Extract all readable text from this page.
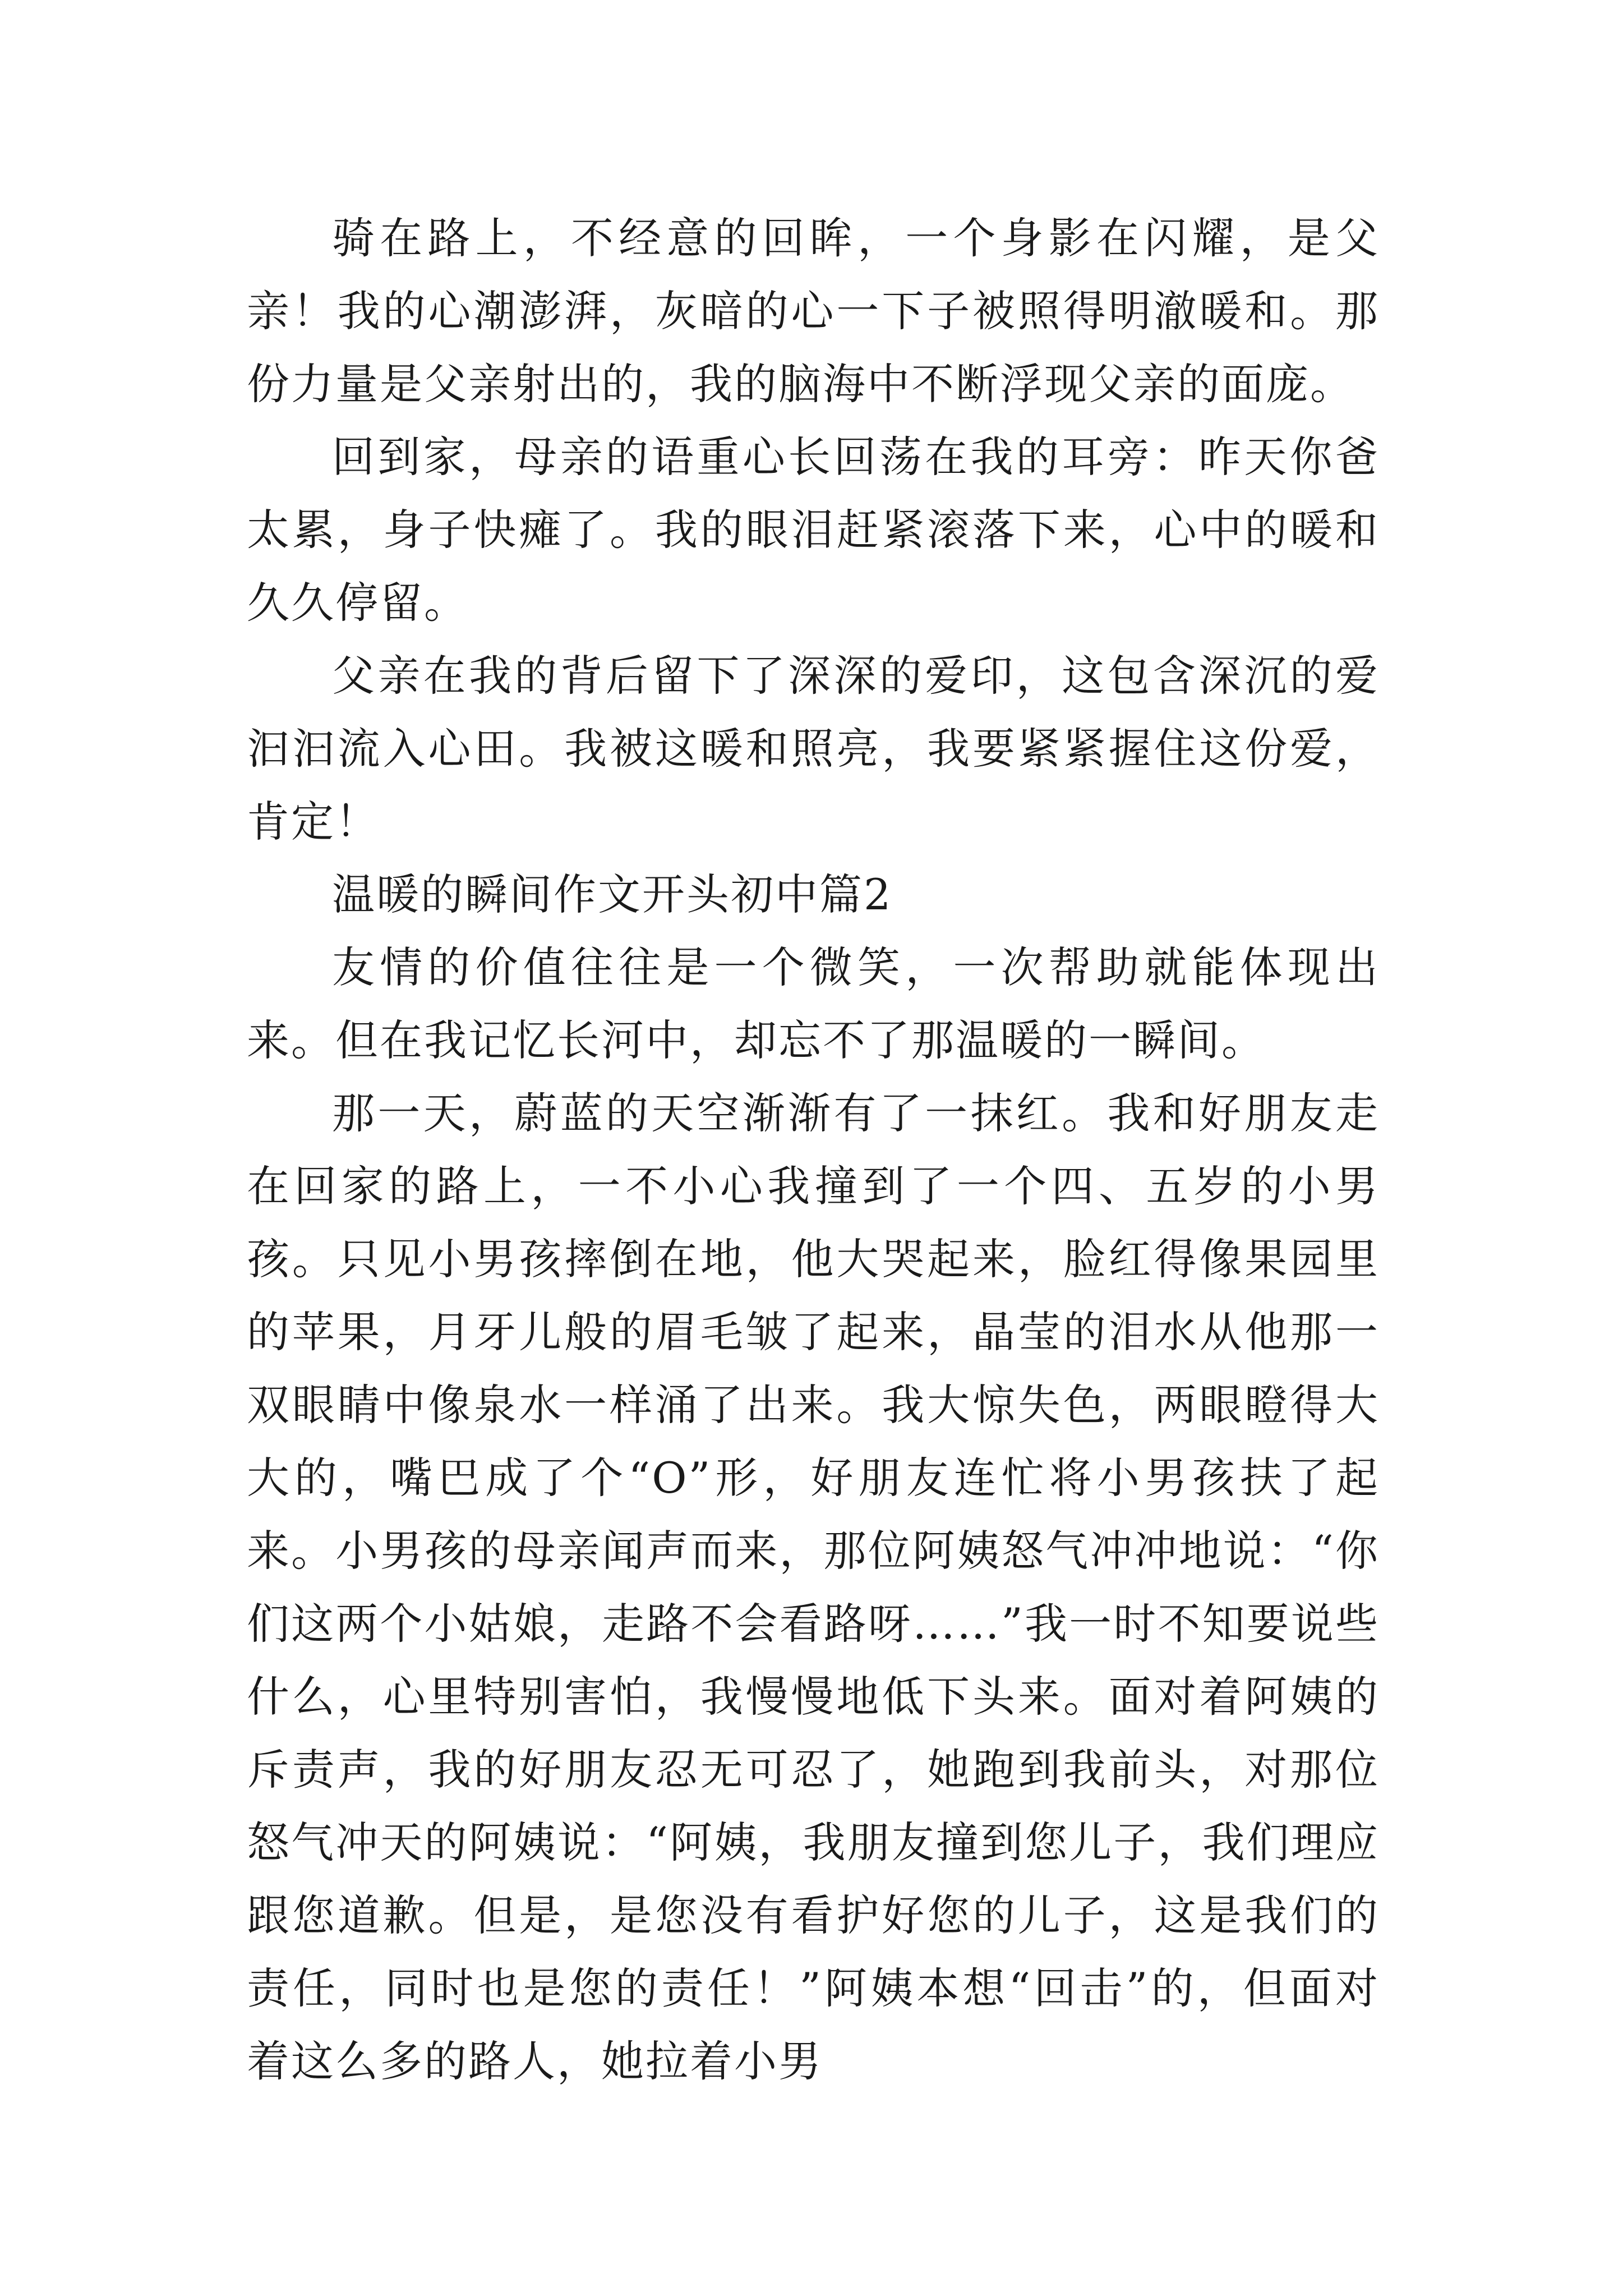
骑在路上，不经意的回眸，一个身影在闪耀，是父亲！我的心潮澎湃，灰暗的心一下子被照得明澈暖和。那份力量是父亲射出的，我的脑海中不断浮现父亲的面庞。

回到家，母亲的语重心长回荡在我的耳旁：昨天你爸太累，身子快瘫了。我的眼泪赶紧滚落下来，心中的暖和久久停留。

父亲在我的背后留下了深深的爱印，这包含深沉的爱汩汩流入心田。我被这暖和照亮，我要紧紧握住这份爱，肯定！

温暖的瞬间作文开头初中篇2

友情的价值往往是一个微笑，一次帮助就能体现出来。但在我记忆长河中，却忘不了那温暖的一瞬间。

那一天，蔚蓝的天空渐渐有了一抹红。我和好朋友走在回家的路上，一不小心我撞到了一个四、五岁的小男孩。只见小男孩摔倒在地，他大哭起来，脸红得像果园里的苹果，月牙儿般的眉毛皱了起来，晶莹的泪水从他那一双眼睛中像泉水一样涌了出来。我大惊失色，两眼瞪得大大的，嘴巴成了个“O”形，好朋友连忙将小男孩扶了起来。小男孩的母亲闻声而来，那位阿姨怒气冲冲地说：“你们这两个小姑娘，走路不会看路呀……”我一时不知要说些什么，心里特别害怕，我慢慢地低下头来。面对着阿姨的斥责声，我的好朋友忍无可忍了，她跑到我前头，对那位怒气冲天的阿姨说：“阿姨，我朋友撞到您儿子，我们理应跟您道歉。但是，是您没有看护好您的儿子，这是我们的责任，同时也是您的责任！”阿姨本想“回击”的，但面对着这么多的路人，她拉着小男
